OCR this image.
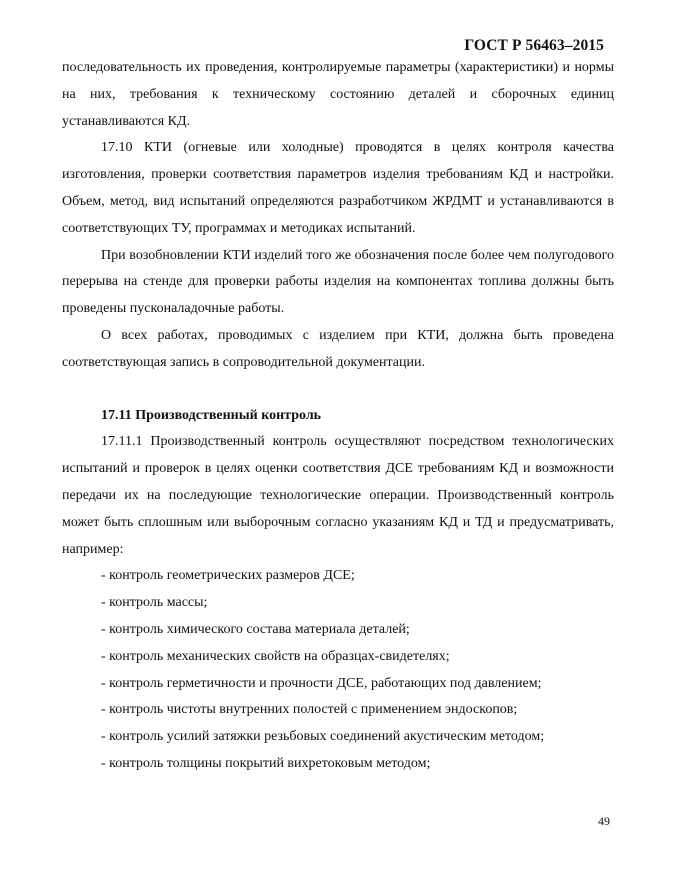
ГОСТ Р 56463–2015

последовательность их проведения, контролируемые параметры (характеристики) и нормы на них, требования к техническому состоянию деталей и сборочных единиц устанавливаются КД.

17.10 КТИ (огневые или холодные) проводятся в целях контроля качества изготовления, проверки соответствия параметров изделия требованиям КД и настройки. Объем, метод, вид испытаний определяются разработчиком ЖРДМТ и устанавливаются в соответствующих ТУ, программах и методиках испытаний.

При возобновлении КТИ изделий того же обозначения после более чем полугодового перерыва на стенде для проверки работы изделия на компонентах топлива должны быть проведены пусконаладочные работы.

О всех работах, проводимых с изделием при КТИ, должна быть проведена соответствующая запись в сопроводительной документации.

17.11 Производственный контроль

17.11.1 Производственный контроль осуществляют посредством технологических испытаний и проверок в целях оценки соответствия ДСЕ требованиям КД и возможности передачи их на последующие технологические операции. Производственный контроль может быть сплошным или выборочным согласно указаниям КД и ТД и предусматривать, например:

- контроль геометрических размеров ДСЕ;
- контроль массы;
- контроль химического состава материала деталей;
- контроль механических свойств на образцах-свидетелях;
- контроль герметичности и прочности ДСЕ, работающих под давлением;
- контроль чистоты внутренних полостей с применением эндоскопов;
- контроль усилий затяжки резьбовых соединений акустическим методом;
- контроль толщины покрытий вихретоковым методом;
49
